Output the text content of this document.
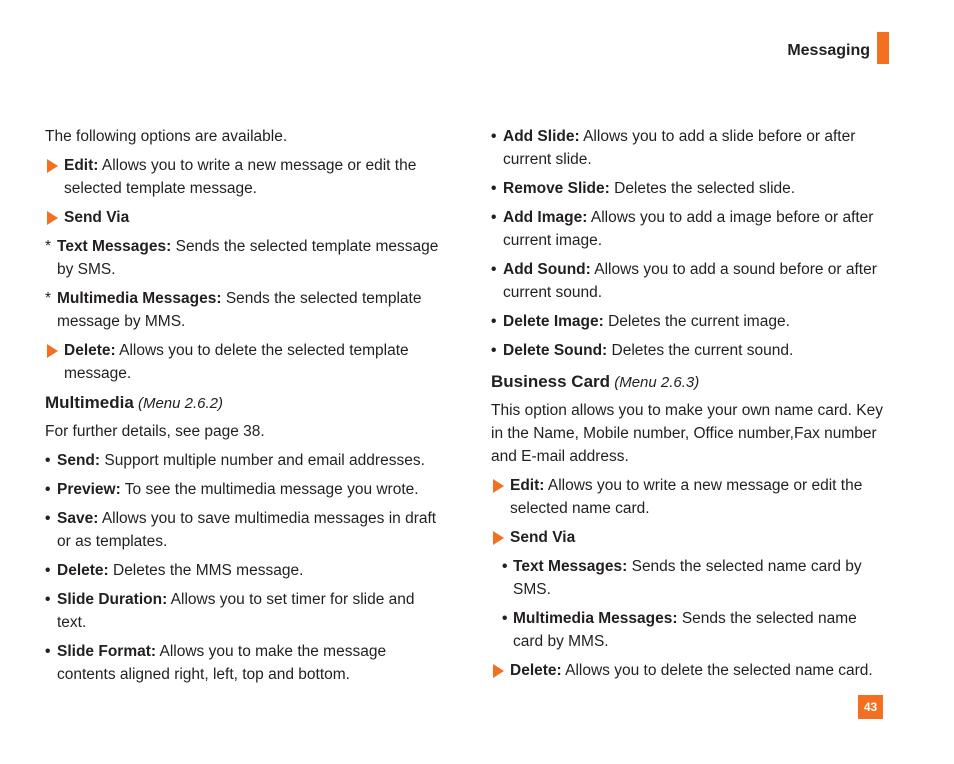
Messaging

The following options are available.

Edit: Allows you to write a new message or edit the selected template message.
Send Via
* Text Messages: Sends the selected template message by SMS.
* Multimedia Messages: Sends the selected template message by MMS.
Delete: Allows you to delete the selected template message.

Multimedia (Menu 2.6.2)

For further details, see page 38.

• Send: Support multiple number and email addresses.
• Preview: To see the multimedia message you wrote.
• Save: Allows you to save multimedia messages in draft or as templates.
• Delete: Deletes the MMS message.
• Slide Duration: Allows you to set timer for slide and text.
• Slide Format: Allows you to make the message contents aligned right, left, top and bottom.
• Add Slide: Allows you to add a slide before or after current slide.
• Remove Slide: Deletes the selected slide.
• Add Image: Allows you to add a image before or after current image.
• Add Sound: Allows you to add a sound before or after current sound.
• Delete Image: Deletes the current image.
• Delete Sound: Deletes the current sound.

Business Card (Menu 2.6.3)

This option allows you to make your own name card. Key in the Name, Mobile number, Office number,Fax number and E-mail address.

Edit: Allows you to write a new message or edit the selected name card.
Send Via
• Text Messages: Sends the selected name card by SMS.
• Multimedia Messages: Sends the selected name card by MMS.
Delete: Allows you to delete the selected name card.
43
